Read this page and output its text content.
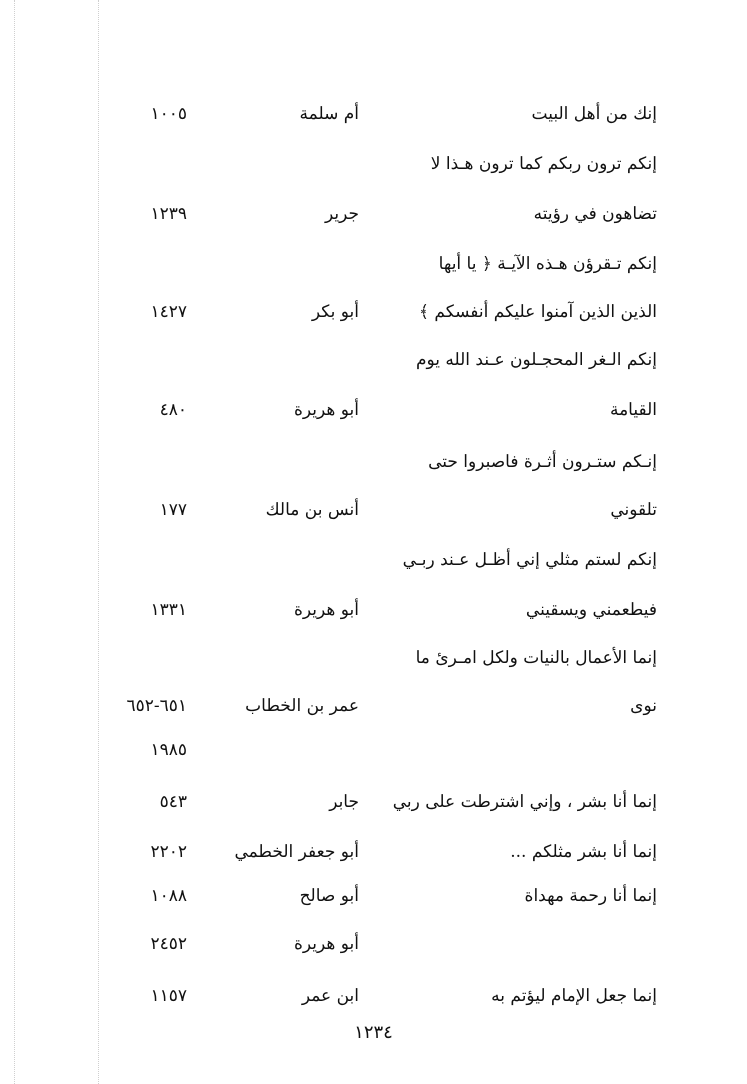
إنك من أهل البيت
أم سلمة
١٠٠٥
إنكم ترون ربكم كما ترون هـذا لا
تضاهون في رؤيته
جرير
١٢٣٩
إنكم تـقرؤن هـذه الآيـة ﴿ يا أيها
الذين الذين آمنوا عليكم أنفسكم ﴾
أبو بكر
١٤٢٧
إنكم الـغر المحجـلون عـند الله يوم
القيامة
أبو هريرة
٤٨٠
إنـكم ستـرون أثـرة فاصبروا حتى
تلقوني
أنس بن مالك
١٧٧
إنكم لستم مثلي إني أظـل عـند ربـي
فيطعمني ويسقيني
أبو هريرة
١٣٣١
إنما الأعمال بالنيات ولكل امـرئ ما
نوى
عمر بن الخطاب
٦٥١-٦٥٢
١٩٨٥
إنما أنا بشر ، وإني اشترطت على ربي
جابر
٥٤٣
إنما أنا بشر مثلكم ...
أبو جعفر الخطمي
٢٢٠٢
إنما أنا رحمة مهداة
أبو صالح
١٠٨٨
أبو هريرة
٢٤٥٢
إنما جعل الإمام ليؤتم به
ابن عمر
١١٥٧
١٢٣٤
